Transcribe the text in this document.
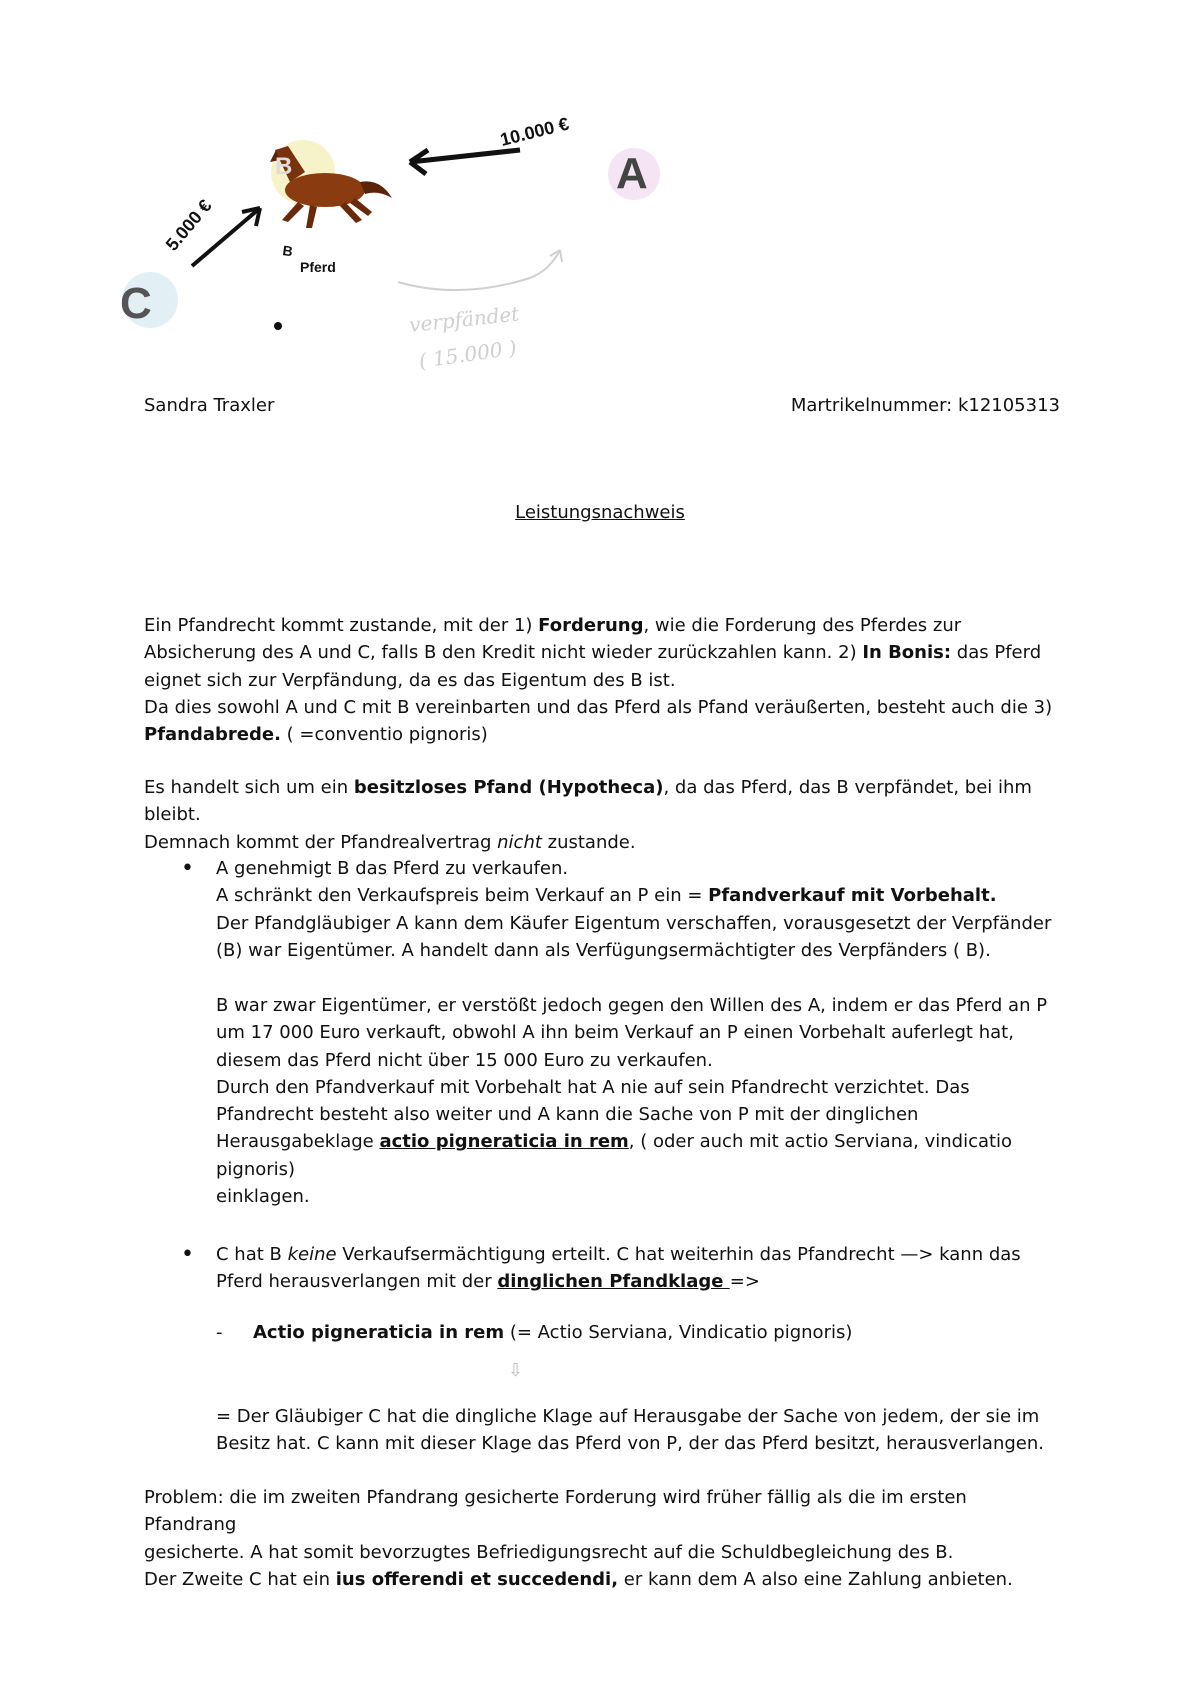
B
B
Pferd
10.000 €
A
5.000 €
C	verpfändet
( 15.000 )
Sandra Traxler	Martrikelnummer: k12105313
Leistungsnachweis
Ein Pfandrecht kommt zustande, mit der 1) Forderung, wie die Forderung des Pferdes zur
Absicherung des A und C, falls B den Kredit nicht wieder zurückzahlen kann. 2) In Bonis: das Pferd
eignet sich zur Verpfändung, da es das Eigentum des B ist.
Da dies sowohl A und C mit B vereinbarten und das Pferd als Pfand veräußerten, besteht auch die 3)
Pfandabrede. ( =conventio pignoris)
Es handelt sich um ein besitzloses Pfand (Hypotheca), da das Pferd, das B verpfändet, bei ihm bleibt.
Demnach kommt der Pfandrealvertrag nicht zustande.
• A genehmigt B das Pferd zu verkaufen.
A schränkt den Verkaufspreis beim Verkauf an P ein = Pfandverkauf mit Vorbehalt.
Der Pfandgläubiger A kann dem Käufer Eigentum verschaffen, vorausgesetzt der Verpfänder
(B) war Eigentümer. A handelt dann als Verfügungsermächtigter des Verpfänders ( B).
B war zwar Eigentümer, er verstößt jedoch gegen den Willen des A, indem er das Pferd an P
um 17 000 Euro verkauft, obwohl A ihn beim Verkauf an P einen Vorbehalt auferlegt hat,
diesem das Pferd nicht über 15 000 Euro zu verkaufen.
Durch den Pfandverkauf mit Vorbehalt hat A nie auf sein Pfandrecht verzichtet. Das
Pfandrecht besteht also weiter und A kann die Sache von P mit der dinglichen
Herausgabeklage actio pigneraticia in rem, ( oder auch mit actio Serviana, vindicatio pignoris)
einklagen.
• C hat B keine Verkaufsermächtigung erteilt. C hat weiterhin das Pfandrecht —> kann das
Pferd herausverlangen mit der dinglichen Pfandklage =>
- Actio pigneraticia in rem (= Actio Serviana, Vindicatio pignoris)
⇩
= Der Gläubiger C hat die dingliche Klage auf Herausgabe der Sache von jedem, der sie im
Besitz hat. C kann mit dieser Klage das Pferd von P, der das Pferd besitzt, herausverlangen.
Problem: die im zweiten Pfandrang gesicherte Forderung wird früher fällig als die im ersten Pfandrang
gesicherte. A hat somit bevorzugtes Befriedigungsrecht auf die Schuldbegleichung des B.
Der Zweite C hat ein ius offerendi et succedendi, er kann dem A also eine Zahlung anbieten.
